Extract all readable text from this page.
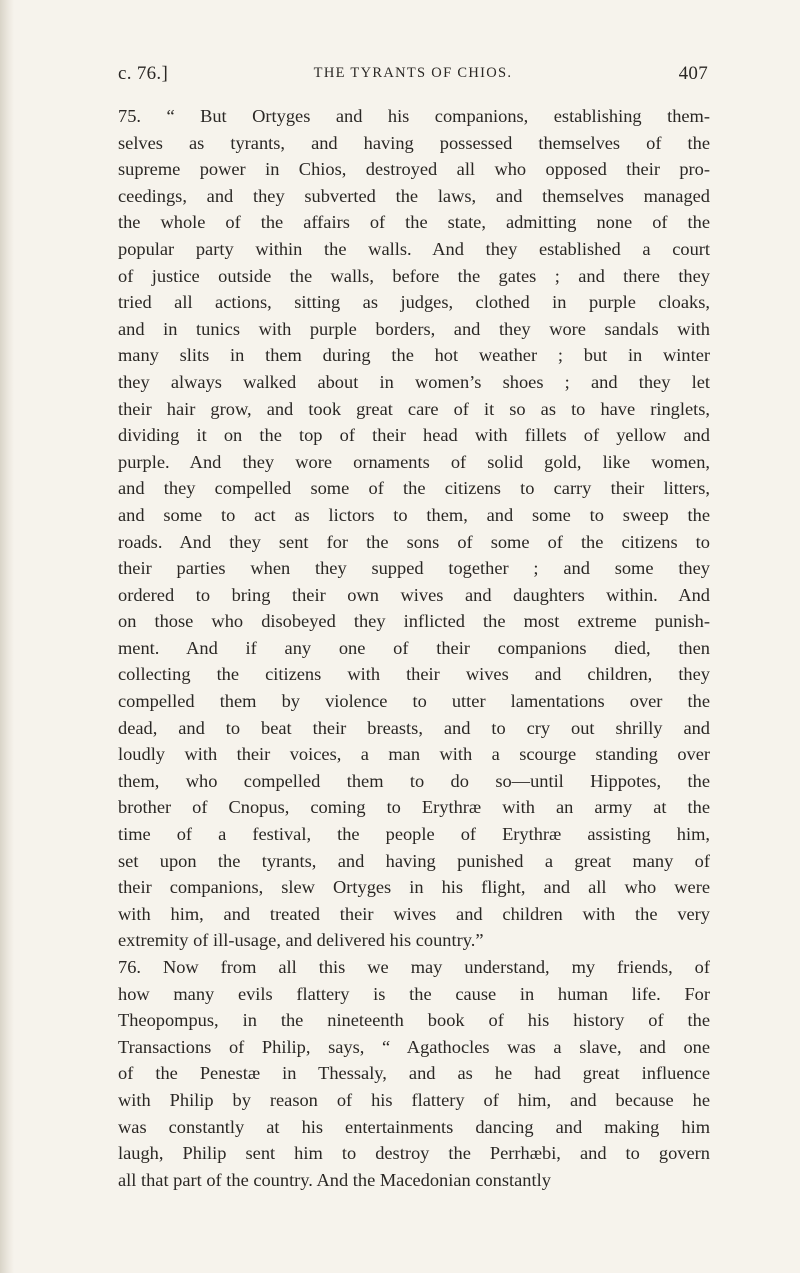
c. 76.]	THE TYRANTS OF CHIOS.	407
75. “ But Ortyges and his companions, establishing them-
selves as tyrants, and having possessed themselves of the
supreme power in Chios, destroyed all who opposed their pro-
ceedings, and they subverted the laws, and themselves managed
the whole of the affairs of the state, admitting none of the
popular party within the walls. And they established a court
of justice outside the walls, before the gates ; and there they
tried all actions, sitting as judges, clothed in purple cloaks,
and in tunics with purple borders, and they wore sandals with
many slits in them during the hot weather ; but in winter
they always walked about in women’s shoes ; and they let
their hair grow, and took great care of it so as to have ringlets,
dividing it on the top of their head with fillets of yellow and
purple. And they wore ornaments of solid gold, like women,
and they compelled some of the citizens to carry their litters,
and some to act as lictors to them, and some to sweep the
roads. And they sent for the sons of some of the citizens to
their parties when they supped together ; and some they
ordered to bring their own wives and daughters within. And
on those who disobeyed they inflicted the most extreme punish-
ment. And if any one of their companions died, then
collecting the citizens with their wives and children, they
compelled them by violence to utter lamentations over the
dead, and to beat their breasts, and to cry out shrilly and
loudly with their voices, a man with a scourge standing over
them, who compelled them to do so—until Hippotes, the
brother of Cnopus, coming to Erythræ with an army at the
time of a festival, the people of Erythræ assisting him,
set upon the tyrants, and having punished a great many of
their companions, slew Ortyges in his flight, and all who were
with him, and treated their wives and children with the very
extremity of ill-usage, and delivered his country.”
76. Now from all this we may understand, my friends, of
how many evils flattery is the cause in human life. For
Theopompus, in the nineteenth book of his history of the
Transactions of Philip, says, “ Agathocles was a slave, and one
of the Penestæ in Thessaly, and as he had great influence
with Philip by reason of his flattery of him, and because he
was constantly at his entertainments dancing and making him
laugh, Philip sent him to destroy the Perrhæbi, and to govern
all that part of the country. And the Macedonian constantly
